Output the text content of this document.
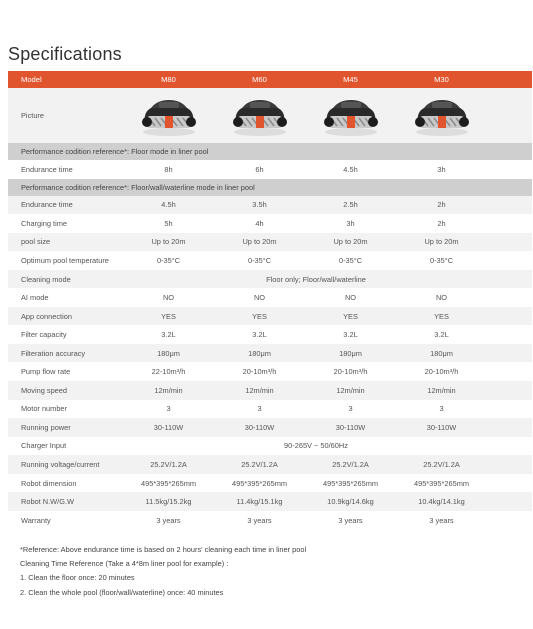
Specifications
Model	M80	M60	M45	M30
Picture
Performance codition reference*: Floor mode in liner pool
Endurance time	8h	6h	4.5h	3h
Performance codition reference*: Floor/wall/waterline mode in liner pool
Endurance time	4.5h	3.5h	2.5h	2h
Charging time	5h	4h	3h	2h
pool size	Up to 20m	Up to 20m	Up to 20m	Up to 20m
Optimum pool temperature	0-35°C	0-35°C	0-35°C	0-35°C
Cleaning mode	Floor only; Floor/wall/waterline
AI mode	NO	NO	NO	NO
App connection	YES	YES	YES	YES
Filter capacity	3.2L	3.2L	3.2L	3.2L
Filteration accuracy	180μm	180μm	180μm	180μm
Pump flow rate	22-10m³/h	20-10m³/h	20-10m³/h	20-10m³/h
Moving speed	12m/min	12m/min	12m/min	12m/min
Motor number	3	3	3	3
Running power	30-110W	30-110W	30-110W	30-110W
Charger Input	90-265V ~ 50/60Hz
Running voltage/current	25.2V/1.2A	25.2V/1.2A	25.2V/1.2A	25.2V/1.2A
Robot dimension	495*395*265mm	495*395*265mm	495*395*265mm	495*395*265mm
Robot N.W/G.W	11.5kg/15.2kg	11.4kg/15.1kg	10.9kg/14.6kg	10.4kg/14.1kg
Warranty	3 years	3 years	3 years	3 years
*Reference: Above endurance time is based on 2 hours' cleaning each time in liner pool
Cleaning Time Reference (Take a 4*8m liner pool for example) :
1. Clean the floor once: 20 minutes
2. Clean the whole pool (floor/wall/waterline) once: 40 minutes
